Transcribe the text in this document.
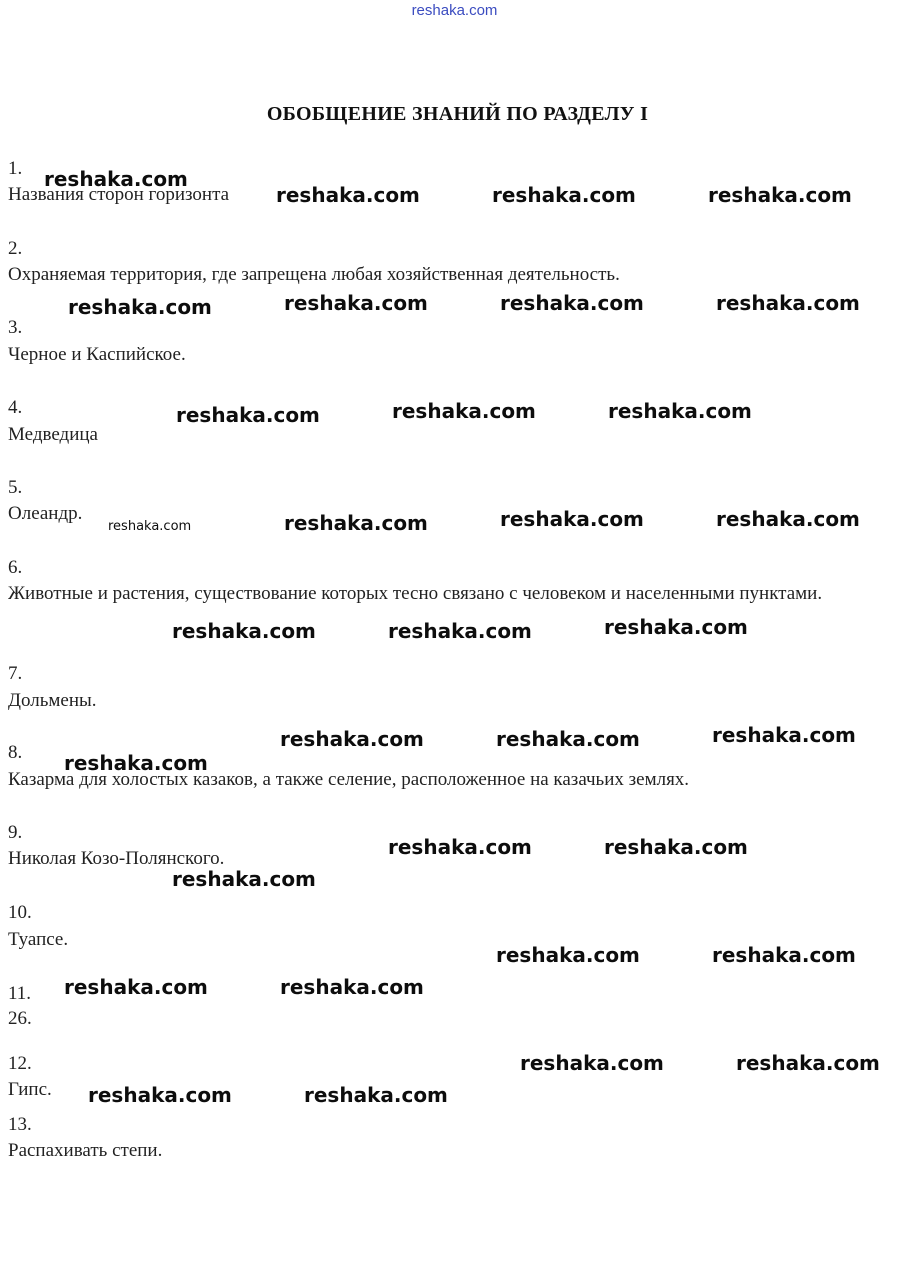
reshaka.com
ОБОБЩЕНИЕ ЗНАНИЙ ПО РАЗДЕЛУ I
1.
Названия сторон горизонта
2.
Охраняемая территория, где запрещена любая хозяйственная деятельность.
3.
Черное и Каспийское.
4.
Медведица
5.
Олеандр.
6.
Животные и растения, существование которых тесно связано с человеком и населенными пунктами.
7.
Дольмены.
8.
Казарма для холостых казаков, а также селение, расположенное на казачьих землях.
9.
Николая Козо-Полянского.
10.
Туапсе.
11.
26.
12.
Гипс.
13.
Распахивать степи.
reshaka.com
reshaka.com	reshaka.com	reshaka.com
reshaka.com	reshaka.com	reshaka.com	reshaka.com
reshaka.com	reshaka.com	reshaka.com
reshaka.com	reshaka.com	reshaka.com	reshaka.com
reshaka.com	reshaka.com	reshaka.com
reshaka.com	reshaka.com	reshaka.com
reshaka.com
reshaka.com	reshaka.com
reshaka.com
reshaka.com	reshaka.com
reshaka.com	reshaka.com
reshaka.com	reshaka.com
reshaka.com	reshaka.com
